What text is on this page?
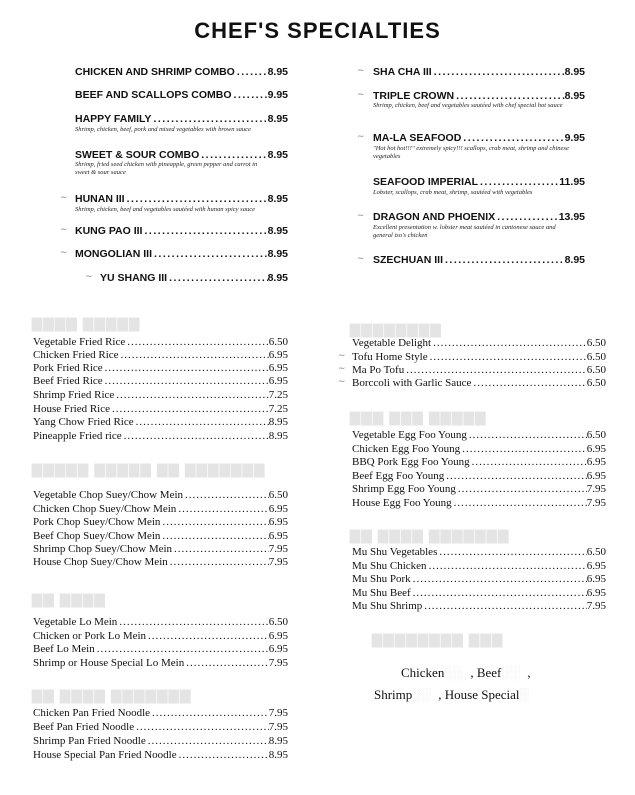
CHEF'S SPECIALTIES
CHICKEN AND SHRIMP COMBO .....	8.95
BEEF AND SCALLOPS COMBO .....	9.95
HAPPY FAMILY .....	8.95
Shrimp, chicken, beef, pork and mixed vegetables with brown sauce
SWEET & SOUR COMBO .....	8.95
Shrimp, fried seed chicken with pineapple, green pepper and carrot in sweet & sour sauce
HUNAN III .....	8.95
Shrimp, chicken, beef and vegetables sautéed with hunan spicy sauce
KUNG PAO III .....	8.95
MONGOLIAN III .....	8.95
YU SHANG III .....	8.95
∼
∼
∼
∼
SHA CHA III .....	8.95
TRIPLE CROWN .....	8.95
Shrimp, chicken, beef and vegetables sautéed with chef special hot sauce
MA-LA SEAFOOD .....	9.95
"Hot hot hot!!!" extremely spicy!!! scallops, crab meat, shrimp and chinese vegetables
SEAFOOD IMPERIAL .....	11.95
Lobster, scallops, crab meat, shrimp, sautéed with vegetables
DRAGON AND PHOENIX .....	13.95
Excellent presentation w. lobster meat sautéed in cantonese sauce and general tso's chicken
SZECHUAN III .....	8.95
∼
∼
∼
∼
∼
▇▇▇▇ ▇▇▇▇▇
▇▇▇▇▇ ▇▇▇▇▇ ▇▇ ▇▇▇▇▇▇▇
▇▇ ▇▇▇▇
▇▇ ▇▇▇▇ ▇▇▇▇▇▇▇
▇▇▇▇▇▇▇▇
▇▇▇ ▇▇▇ ▇▇▇▇▇
▇▇ ▇▇▇▇ ▇▇▇▇▇▇▇
▇▇▇▇▇▇▇▇ ▇▇▇
Vegetable Fried Rice .....	6.50
Chicken Fried Rice .....	6.95
Pork Fried Rice .....	6.95
Beef Fried Rice .....	6.95
Shrimp Fried Rice .....	7.25
House Fried Rice .....	7.25
Yang Chow Fried Rice .....	8.95
Pineapple Fried rice .....	8.95
Vegetable Chop Suey/Chow Mein .....	6.50
Chicken Chop Suey/Chow Mein .....	6.95
Pork Chop Suey/Chow Mein .....	6.95
Beef Chop Suey/Chow Mein .....	6.95
Shrimp Chop Suey/Chow Mein .....	7.95
House Chop Suey/Chow Mein .....	7.95
Vegetable Lo Mein .....	6.50
Chicken or Pork Lo Mein .....	6.95
Beef Lo Mein .....	6.95
Shrimp or House Special Lo Mein .....	7.95
Chicken Pan Fried Noodle .....	7.95
Beef Pan Fried Noodle .....	7.95
Shrimp Pan Fried Noodle .....	8.95
House Special Pan Fried Noodle .....	8.95
Vegetable Delight .....	6.50
Tofu Home Style .....	6.50
Ma Po Tofu .....	6.50
Borccoli with Garlic Sauce .....	6.50
∼
∼
∼
Vegetable Egg Foo Young .....	6.50
Chicken Egg Foo Young .....	6.95
BBQ Pork Egg Foo Young .....	6.95
Beef Egg Foo Young .....	6.95
Shrimp Egg Foo Young .....	7.95
House Egg Foo Young .....	7.95
Mu Shu Vegetables .....	6.50
Mu Shu Chicken .....	6.95
Mu Shu Pork .....	6.95
Mu Shu Beef .....	6.95
Mu Shu Shrimp .....	7.95
Chicken░░ , Beef░░ ,
Shrimp░░ , House Special░
